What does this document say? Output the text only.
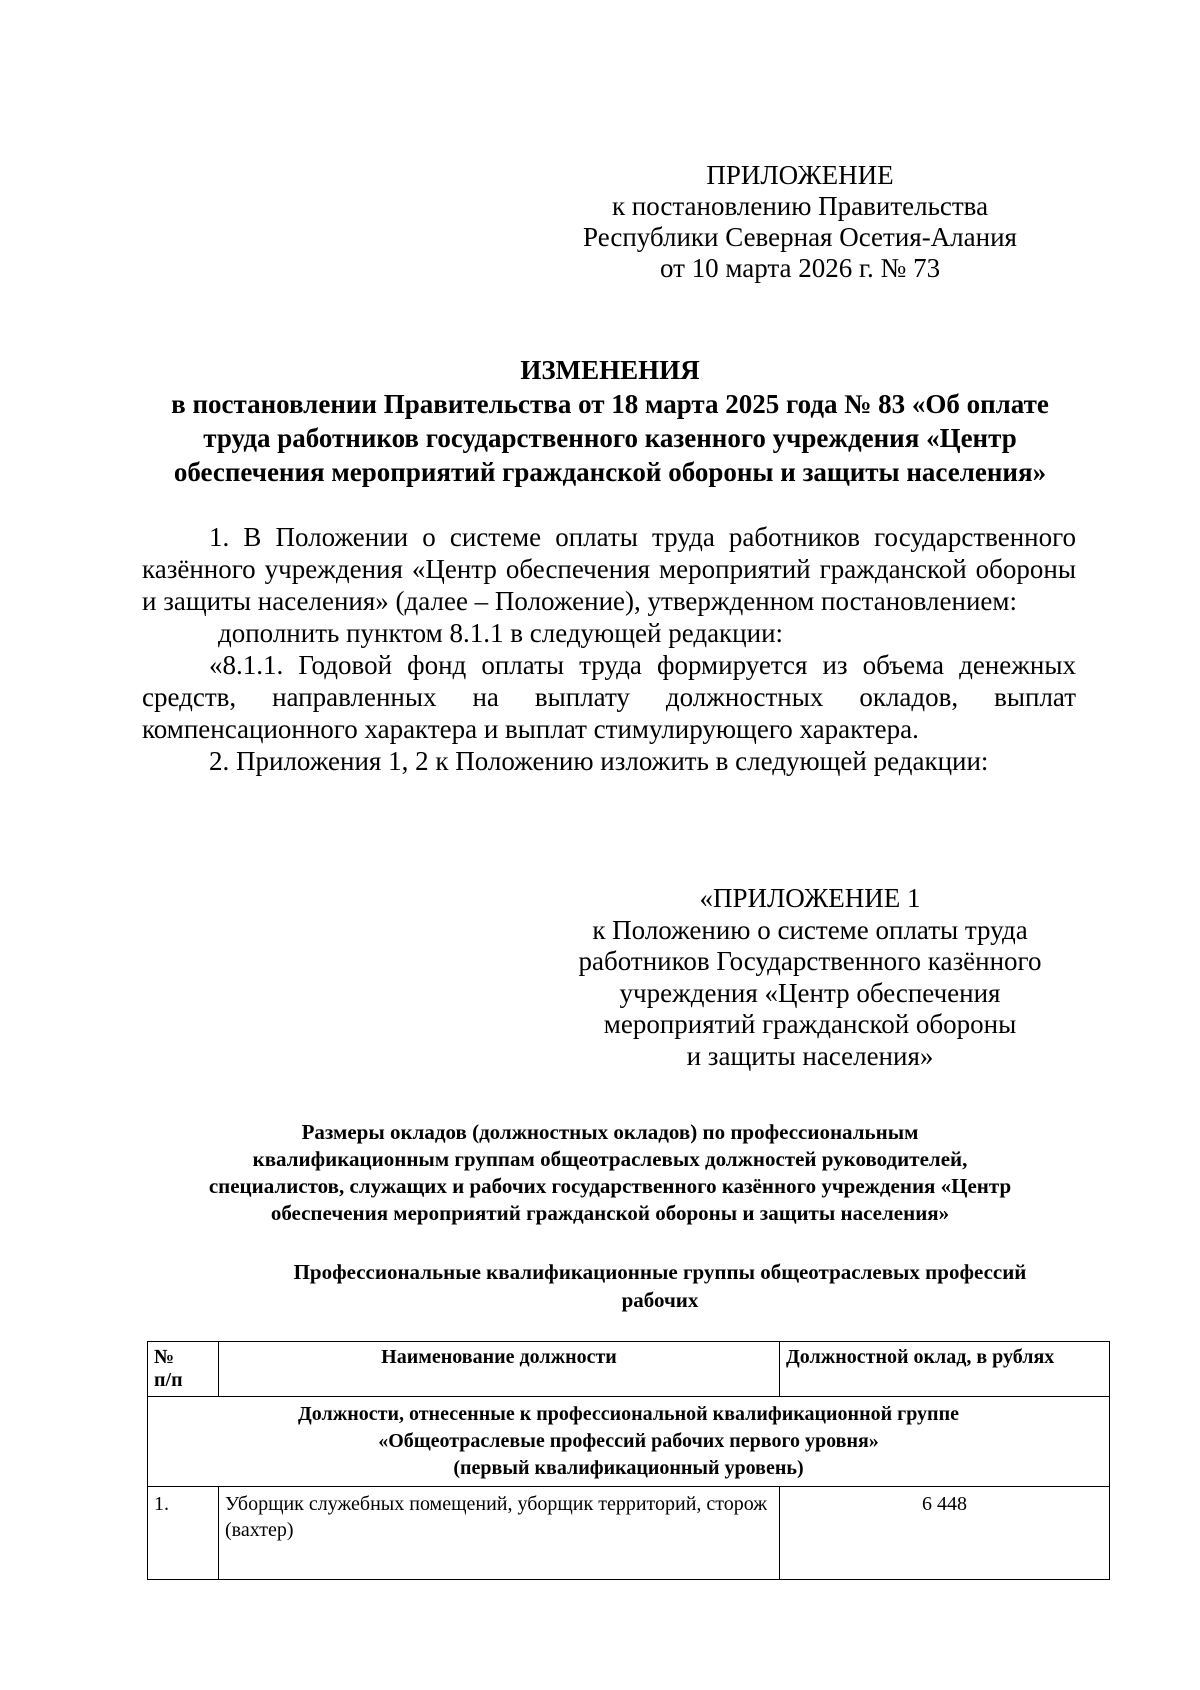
ПРИЛОЖЕНИЕ
к постановлению Правительства
Республики Северная Осетия-Алания
от 10 марта 2026 г. № 73
ИЗМЕНЕНИЯ
в постановлении Правительства от 18 марта 2025 года № 83 «Об оплате
труда работников государственного казенного учреждения «Центр
обеспечения мероприятий гражданской обороны и защиты населения»

1. В Положении о системе оплаты труда работников государственного казённого учреждения «Центр обеспечения мероприятий гражданской обороны и защиты населения» (далее – Положение), утвержденном постановлением:

дополнить пунктом 8.1.1 в следующей редакции:

«8.1.1. Годовой фонд оплаты труда формируется из объема денежных средств, направленных на выплату должностных окладов, выплат компенсационного характера и выплат стимулирующего характера.

2. Приложения 1, 2 к Положению изложить в следующей редакции:

«ПРИЛОЖЕНИЕ 1
к Положению о системе оплаты труда
работников Государственного казённого
учреждения «Центр обеспечения
мероприятий гражданской обороны
и защиты населения»
Размеры окладов (должностных окладов) по профессиональным
квалификационным группам общеотраслевых должностей руководителей,
специалистов, служащих и рабочих государственного казённого учреждения «Центр
обеспечения мероприятий гражданской обороны и защиты населения»
Профессиональные квалификационные группы общеотраслевых профессий
рабочих
№
п/п	Наименование должности	Должностной оклад, в рублях

Должности, отнесенные к профессиональной квалификационной группе
«Общеотраслевые профессий рабочих первого уровня»
(первый квалификационный уровень)		

1.	Уборщик служебных помещений, уборщик территорий, сторож (вахтер)	6 448
